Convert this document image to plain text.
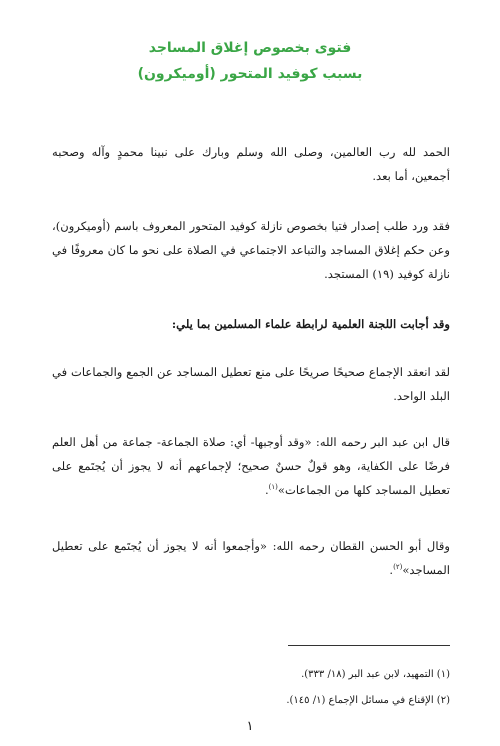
فتوى بخصوص إغلاق المساجد
بسبب كوفيد المتحور (أوميكرون)
الحمد لله رب العالمين، وصلى الله وسلم وبارك على نبينا محمدٍ وآله وصحبه أجمعين، أما بعد.
فقد ورد طلب إصدار فتيا بخصوص نازلة كوفيد المتحور المعروف باسم (أوميكرون)، وعن حكم إغلاق المساجد والتباعد الاجتماعي في الصلاة على نحو ما كان معروفًا في نازلة كوفيد (١٩) المستجد.
وقد أجابت اللجنة العلمية لرابطة علماء المسلمين بما يلي:
لقد انعقد الإجماع صحيحًا صريحًا على منع تعطيل المساجد عن الجمع والجماعات في البلد الواحد.
قال ابن عبد البر رحمه الله: «وقد أوجبها- أي: صلاة الجماعة- جماعة من أهل العلم فرضًا على الكفاية، وهو قولٌ حسنٌ صحيح؛ لإجماعهم أنه لا يجوز أن يُجتَمع على تعطيل المساجد كلها من الجماعات»$^{(١)}$.
وقال أبو الحسن القطان رحمه الله: «وأجمعوا أنه لا يجوز أن يُجتَمع على تعطيل المساجد»$^{(٢)}$.
(١) التمهيد، لابن عبد البر (١٨/ ٣٣٣).
(٢) الإقناع في مسائل الإجماع (١/ ١٤٥).
١
